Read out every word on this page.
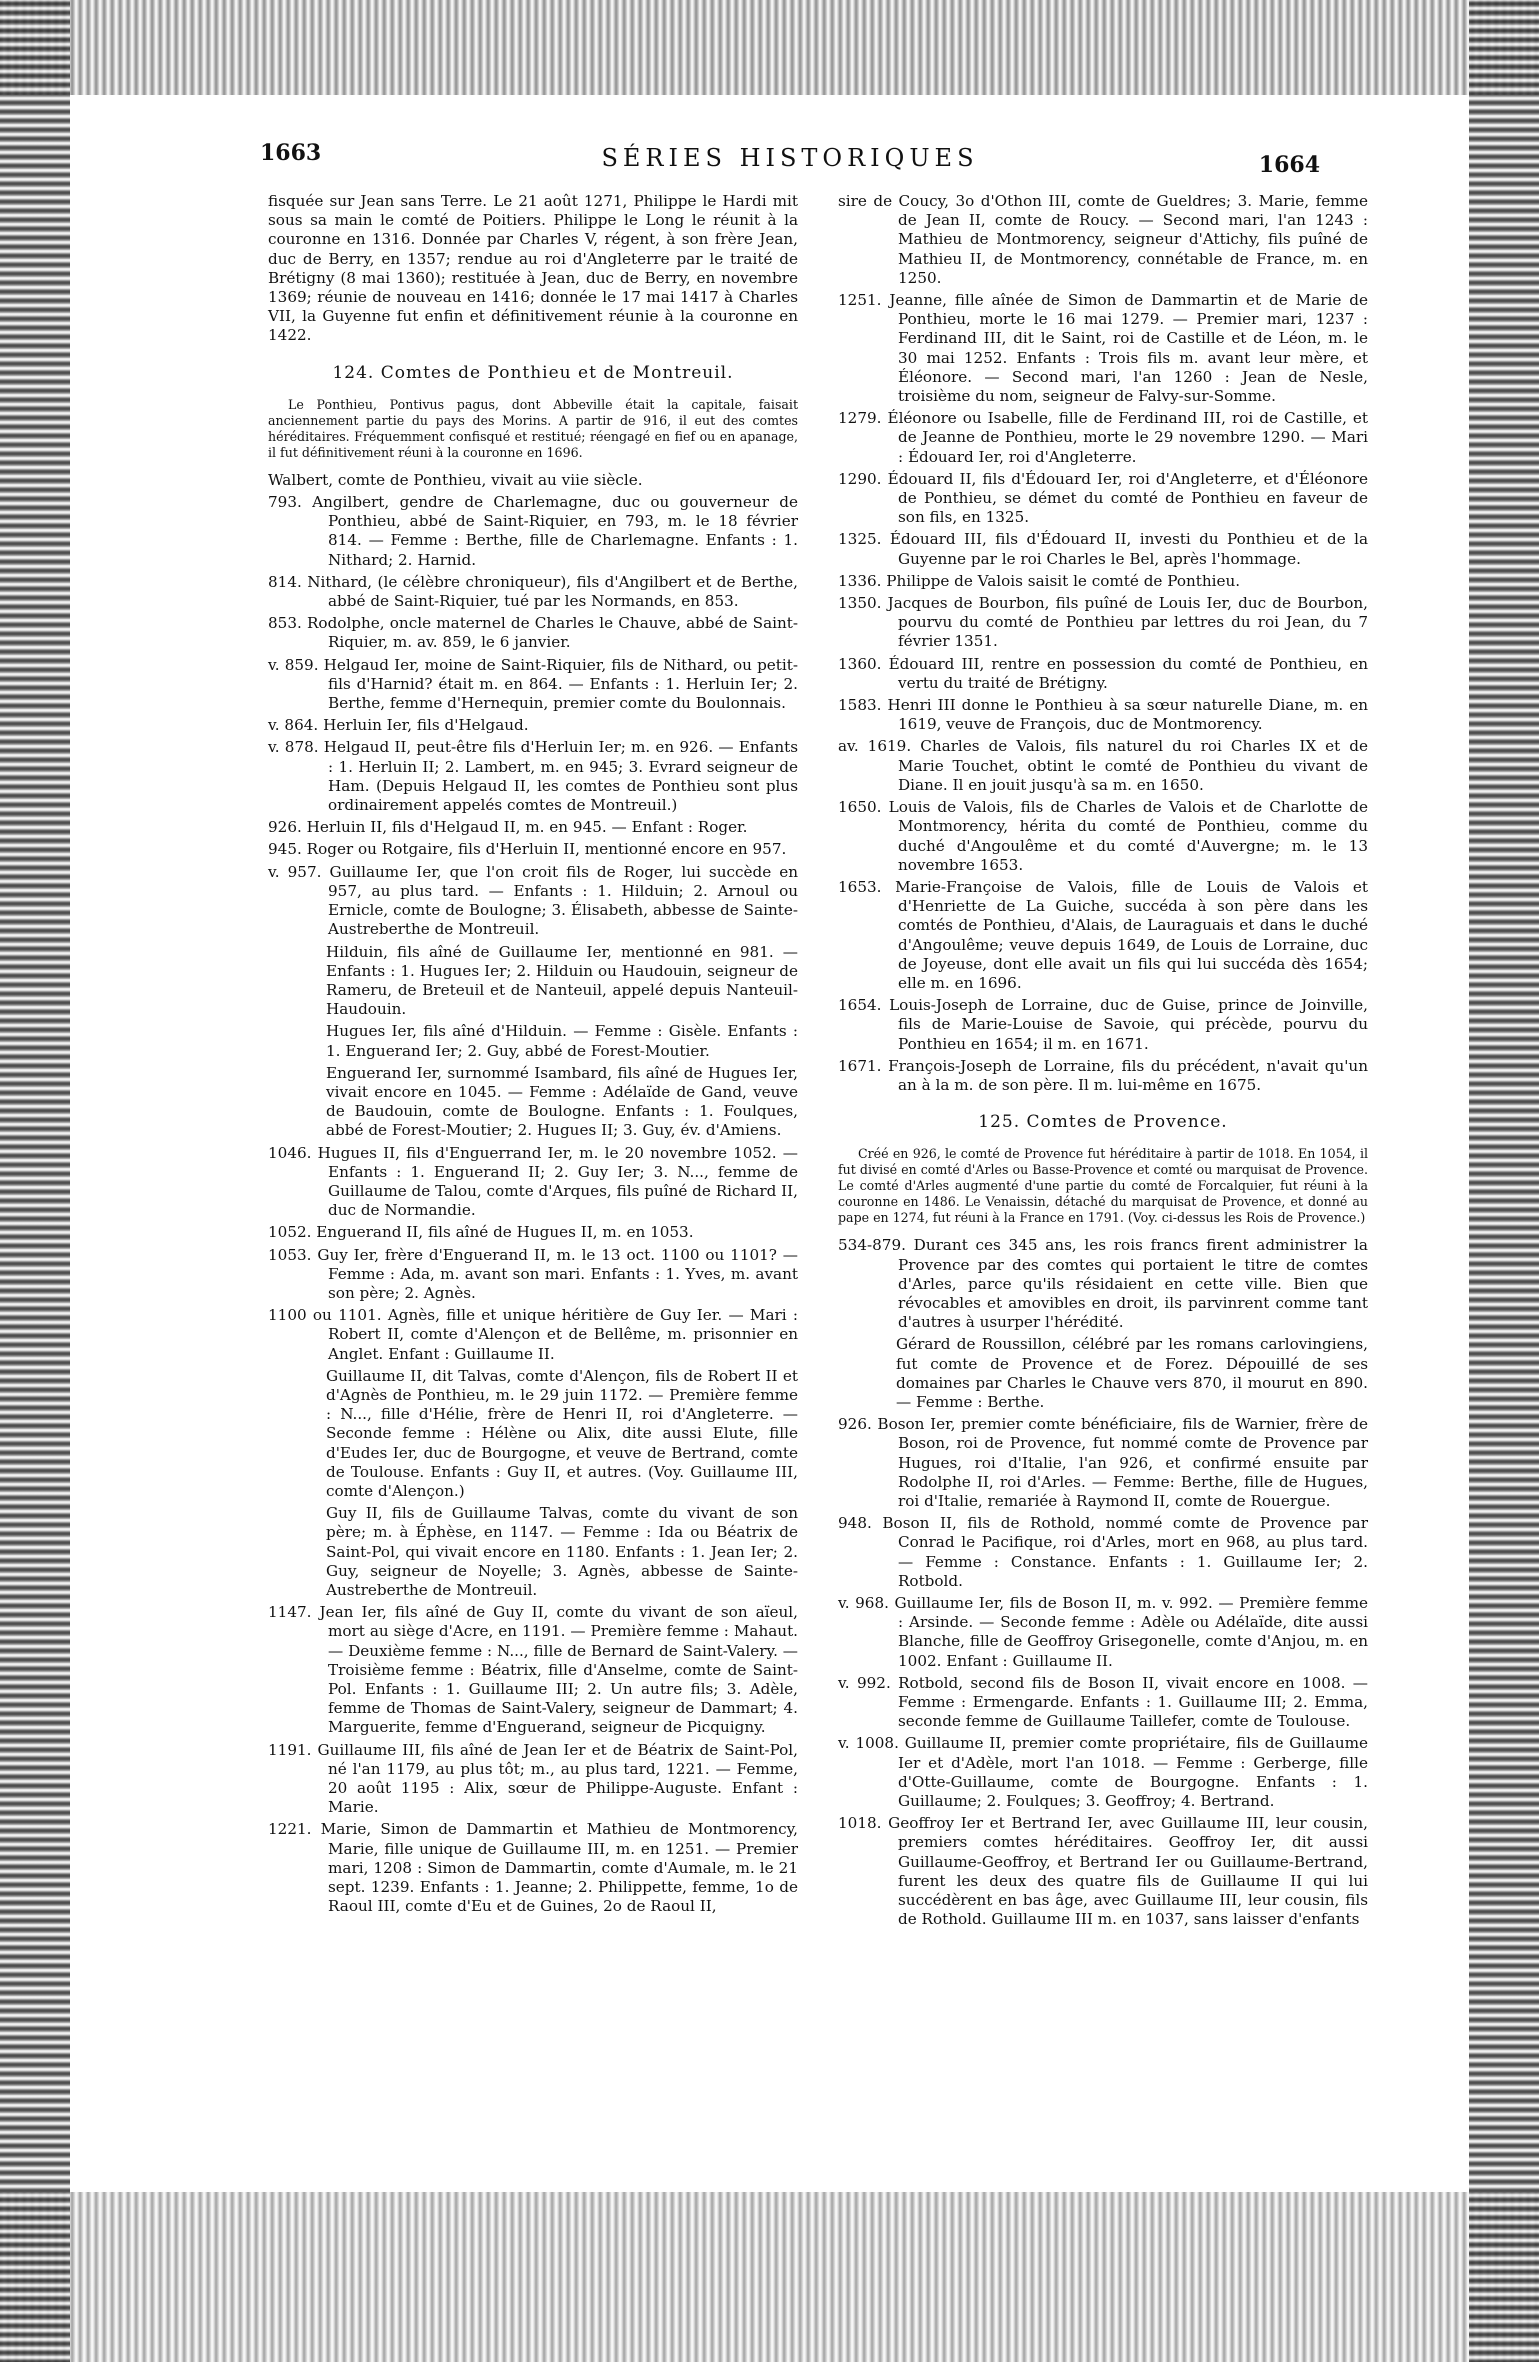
1663	SÉRIES HISTORIQUES	1664

fisquée sur Jean sans Terre. Le 21 août 1271, Philippe le Hardi mit sous sa main le comté de Poitiers. Philippe le Long le réunit à la couronne en 1316. Donnée par Charles V, régent, à son frère Jean, duc de Berry, en 1357; rendue au roi d'Angleterre par le traité de Brétigny (8 mai 1360); restituée à Jean, duc de Berry, en novembre 1369; réunie de nouveau en 1416; donnée le 17 mai 1417 à Charles VII, la Guyenne fut enfin et définitivement réunie à la couronne en 1422.

124. Comtes de Ponthieu et de Montreuil.

Le Ponthieu, Pontivus pagus, dont Abbeville était la capitale, faisait anciennement partie du pays des Morins. A partir de 916, il eut des comtes héréditaires. Fréquemment confisqué et restitué; réengagé en fief ou en apanage, il fut définitivement réuni à la couronne en 1696.

Walbert, comte de Ponthieu, vivait au viie siècle.

793. Angilbert, gendre de Charlemagne, duc ou gouverneur de Ponthieu, abbé de Saint-Riquier, en 793, m. le 18 février 814. — Femme : Berthe, fille de Charlemagne. Enfants : 1. Nithard; 2. Harnid.

814. Nithard, (le célèbre chroniqueur), fils d'Angilbert et de Berthe, abbé de Saint-Riquier, tué par les Normands, en 853.

853. Rodolphe, oncle maternel de Charles le Chauve, abbé de Saint-Riquier, m. av. 859, le 6 janvier.

v. 859. Helgaud Ier, moine de Saint-Riquier, fils de Nithard, ou petit-fils d'Harnid? était m. en 864. — Enfants : 1. Herluin Ier; 2. Berthe, femme d'Hernequin, premier comte du Boulonnais.

v. 864. Herluin Ier, fils d'Helgaud.

v. 878. Helgaud II, peut-être fils d'Herluin Ier; m. en 926. — Enfants : 1. Herluin II; 2. Lambert, m. en 945; 3. Evrard seigneur de Ham. (Depuis Helgaud II, les comtes de Ponthieu sont plus ordinairement appelés comtes de Montreuil.)

926. Herluin II, fils d'Helgaud II, m. en 945. — Enfant : Roger.

945. Roger ou Rotgaire, fils d'Herluin II, mentionné encore en 957.

v. 957. Guillaume Ier, que l'on croit fils de Roger, lui succède en 957, au plus tard. — Enfants : 1. Hilduin; 2. Arnoul ou Ernicle, comte de Boulogne; 3. Élisabeth, abbesse de Sainte-Austreberthe de Montreuil.

Hilduin, fils aîné de Guillaume Ier, mentionné en 981. — Enfants : 1. Hugues Ier; 2. Hilduin ou Haudouin, seigneur de Rameru, de Breteuil et de Nanteuil, appelé depuis Nanteuil-Haudouin.

Hugues Ier, fils aîné d'Hilduin. — Femme : Gisèle. Enfants : 1. Enguerand Ier; 2. Guy, abbé de Forest-Moutier.

Enguerand Ier, surnommé Isambard, fils aîné de Hugues Ier, vivait encore en 1045. — Femme : Adélaïde de Gand, veuve de Baudouin, comte de Boulogne. Enfants : 1. Foulques, abbé de Forest-Moutier; 2. Hugues II; 3. Guy, év. d'Amiens.

1046. Hugues II, fils d'Enguerrand Ier, m. le 20 novembre 1052. — Enfants : 1. Enguerand II; 2. Guy Ier; 3. N..., femme de Guillaume de Talou, comte d'Arques, fils puîné de Richard II, duc de Normandie.

1052. Enguerand II, fils aîné de Hugues II, m. en 1053.

1053. Guy Ier, frère d'Enguerand II, m. le 13 oct. 1100 ou 1101? — Femme : Ada, m. avant son mari. Enfants : 1. Yves, m. avant son père; 2. Agnès.

1100 ou 1101. Agnès, fille et unique héritière de Guy Ier. — Mari : Robert II, comte d'Alençon et de Bellême, m. prisonnier en Anglet. Enfant : Guillaume II.

Guillaume II, dit Talvas, comte d'Alençon, fils de Robert II et d'Agnès de Ponthieu, m. le 29 juin 1172. — Première femme : N..., fille d'Hélie, frère de Henri II, roi d'Angleterre. — Seconde femme : Hélène ou Alix, dite aussi Elute, fille d'Eudes Ier, duc de Bourgogne, et veuve de Bertrand, comte de Toulouse. Enfants : Guy II, et autres. (Voy. Guillaume III, comte d'Alençon.)

Guy II, fils de Guillaume Talvas, comte du vivant de son père; m. à Éphèse, en 1147. — Femme : Ida ou Béatrix de Saint-Pol, qui vivait encore en 1180. Enfants : 1. Jean Ier; 2. Guy, seigneur de Noyelle; 3. Agnès, abbesse de Sainte-Austreberthe de Montreuil.

1147. Jean Ier, fils aîné de Guy II, comte du vivant de son aïeul, mort au siège d'Acre, en 1191. — Première femme : Mahaut. — Deuxième femme : N..., fille de Bernard de Saint-Valery. — Troisième femme : Béatrix, fille d'Anselme, comte de Saint-Pol. Enfants : 1. Guillaume III; 2. Un autre fils; 3. Adèle, femme de Thomas de Saint-Valery, seigneur de Dammart; 4. Marguerite, femme d'Enguerand, seigneur de Picquigny.

1191. Guillaume III, fils aîné de Jean Ier et de Béatrix de Saint-Pol, né l'an 1179, au plus tôt; m., au plus tard, 1221. — Femme, 20 août 1195 : Alix, sœur de Philippe-Auguste. Enfant : Marie.

1221. Marie, Simon de Dammartin et Mathieu de Montmorency, Marie, fille unique de Guillaume III, m. en 1251. — Premier mari, 1208 : Simon de Dammartin, comte d'Aumale, m. le 21 sept. 1239. Enfants : 1. Jeanne; 2. Philippette, femme, 1o de Raoul III, comte d'Eu et de Guines, 2o de Raoul II,

sire de Coucy, 3o d'Othon III, comte de Gueldres; 3. Marie, femme de Jean II, comte de Roucy. — Second mari, l'an 1243 : Mathieu de Montmorency, seigneur d'Attichy, fils puîné de Mathieu II, de Montmorency, connétable de France, m. en 1250.

1251. Jeanne, fille aînée de Simon de Dammartin et de Marie de Ponthieu, morte le 16 mai 1279. — Premier mari, 1237 : Ferdinand III, dit le Saint, roi de Castille et de Léon, m. le 30 mai 1252. Enfants : Trois fils m. avant leur mère, et Éléonore. — Second mari, l'an 1260 : Jean de Nesle, troisième du nom, seigneur de Falvy-sur-Somme.

1279. Éléonore ou Isabelle, fille de Ferdinand III, roi de Castille, et de Jeanne de Ponthieu, morte le 29 novembre 1290. — Mari : Édouard Ier, roi d'Angleterre.

1290. Édouard II, fils d'Édouard Ier, roi d'Angleterre, et d'Éléonore de Ponthieu, se démet du comté de Ponthieu en faveur de son fils, en 1325.

1325. Édouard III, fils d'Édouard II, investi du Ponthieu et de la Guyenne par le roi Charles le Bel, après l'hommage.

1336. Philippe de Valois saisit le comté de Ponthieu.

1350. Jacques de Bourbon, fils puîné de Louis Ier, duc de Bourbon, pourvu du comté de Ponthieu par lettres du roi Jean, du 7 février 1351.

1360. Édouard III, rentre en possession du comté de Ponthieu, en vertu du traité de Brétigny.

1583. Henri III donne le Ponthieu à sa sœur naturelle Diane, m. en 1619, veuve de François, duc de Montmorency.

av. 1619. Charles de Valois, fils naturel du roi Charles IX et de Marie Touchet, obtint le comté de Ponthieu du vivant de Diane. Il en jouit jusqu'à sa m. en 1650.

1650. Louis de Valois, fils de Charles de Valois et de Charlotte de Montmorency, hérita du comté de Ponthieu, comme du duché d'Angoulême et du comté d'Auvergne; m. le 13 novembre 1653.

1653. Marie-Françoise de Valois, fille de Louis de Valois et d'Henriette de La Guiche, succéda à son père dans les comtés de Ponthieu, d'Alais, de Lauraguais et dans le duché d'Angoulême; veuve depuis 1649, de Louis de Lorraine, duc de Joyeuse, dont elle avait un fils qui lui succéda dès 1654; elle m. en 1696.

1654. Louis-Joseph de Lorraine, duc de Guise, prince de Joinville, fils de Marie-Louise de Savoie, qui précède, pourvu du Ponthieu en 1654; il m. en 1671.

1671. François-Joseph de Lorraine, fils du précédent, n'avait qu'un an à la m. de son père. Il m. lui-même en 1675.

125. Comtes de Provence.

Créé en 926, le comté de Provence fut héréditaire à partir de 1018. En 1054, il fut divisé en comté d'Arles ou Basse-Provence et comté ou marquisat de Provence. Le comté d'Arles augmenté d'une partie du comté de Forcalquier, fut réuni à la couronne en 1486. Le Venaissin, détaché du marquisat de Provence, et donné au pape en 1274, fut réuni à la France en 1791. (Voy. ci-dessus les Rois de Provence.)

534-879. Durant ces 345 ans, les rois francs firent administrer la Provence par des comtes qui portaient le titre de comtes d'Arles, parce qu'ils résidaient en cette ville. Bien que révocables et amovibles en droit, ils parvinrent comme tant d'autres à usurper l'hérédité.

Gérard de Roussillon, célébré par les romans carlovingiens, fut comte de Provence et de Forez. Dépouillé de ses domaines par Charles le Chauve vers 870, il mourut en 890. — Femme : Berthe.

926. Boson Ier, premier comte bénéficiaire, fils de Warnier, frère de Boson, roi de Provence, fut nommé comte de Provence par Hugues, roi d'Italie, l'an 926, et confirmé ensuite par Rodolphe II, roi d'Arles. — Femme: Berthe, fille de Hugues, roi d'Italie, remariée à Raymond II, comte de Rouergue.

948. Boson II, fils de Rothold, nommé comte de Provence par Conrad le Pacifique, roi d'Arles, mort en 968, au plus tard. — Femme : Constance. Enfants : 1. Guillaume Ier; 2. Rotbold.

v. 968. Guillaume Ier, fils de Boson II, m. v. 992. — Première femme : Arsinde. — Seconde femme : Adèle ou Adélaïde, dite aussi Blanche, fille de Geoffroy Grisegonelle, comte d'Anjou, m. en 1002. Enfant : Guillaume II.

v. 992. Rotbold, second fils de Boson II, vivait encore en 1008. — Femme : Ermengarde. Enfants : 1. Guillaume III; 2. Emma, seconde femme de Guillaume Taillefer, comte de Toulouse.

v. 1008. Guillaume II, premier comte propriétaire, fils de Guillaume Ier et d'Adèle, mort l'an 1018. — Femme : Gerberge, fille d'Otte-Guillaume, comte de Bourgogne. Enfants : 1. Guillaume; 2. Foulques; 3. Geoffroy; 4. Bertrand.

1018. Geoffroy Ier et Bertrand Ier, avec Guillaume III, leur cousin, premiers comtes héréditaires. Geoffroy Ier, dit aussi Guillaume-Geoffroy, et Bertrand Ier ou Guillaume-Bertrand, furent les deux des quatre fils de Guillaume II qui lui succédèrent en bas âge, avec Guillaume III, leur cousin, fils de Rothold. Guillaume III m. en 1037, sans laisser d'enfants
